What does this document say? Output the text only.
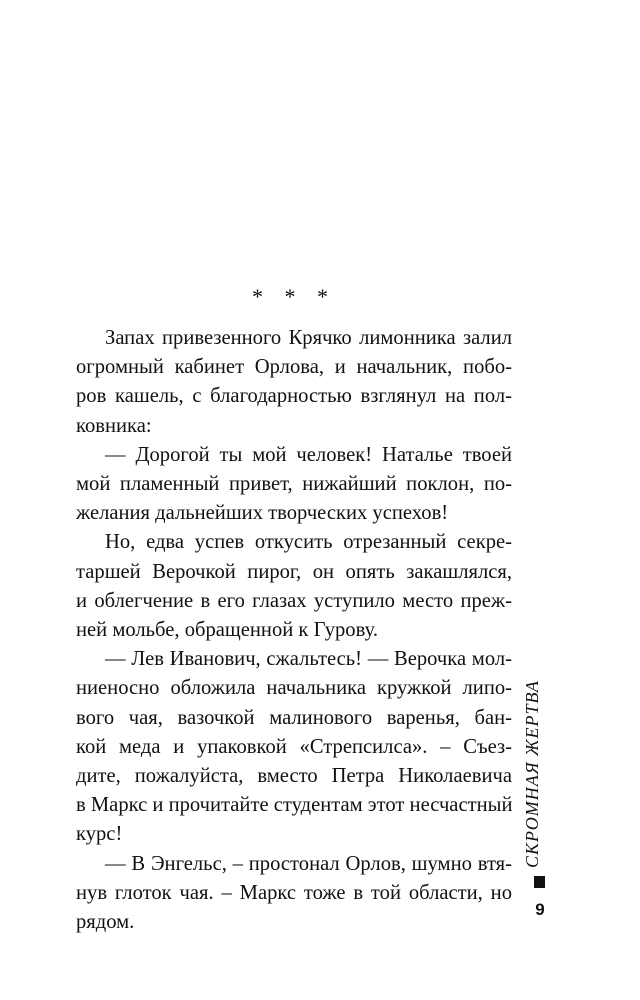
* * *
Запах привезенного Крячко лимонника залил
огромный кабинет Орлова, и начальник, побо-
ров кашель, с благодарностью взглянул на пол-
ковника:
— Дорогой ты мой человек! Наталье твоей
мой пламенный привет, нижайший поклон, по-
желания дальнейших творческих успехов!
Но, едва успев откусить отрезанный секре-
таршей Верочкой пирог, он опять закашлялся,
и облегчение в его глазах уступило место преж-
ней мольбе, обращенной к Гурову.
— Лев Иванович, сжальтесь! — Верочка мол-
ниеносно обложила начальника кружкой липо-
вого чая, вазочкой малинового варенья, бан-
кой меда и упаковкой «Стрепсилса». – Съез-
дите, пожалуйста, вместо Петра Николаевича
в Маркс и прочитайте студентам этот несчастный
курс!
— В Энгельс, – простонал Орлов, шумно втя-
нув глоток чая. – Маркс тоже в той области, но
рядом.
СКРОМНАЯ ЖЕРТВА
9
